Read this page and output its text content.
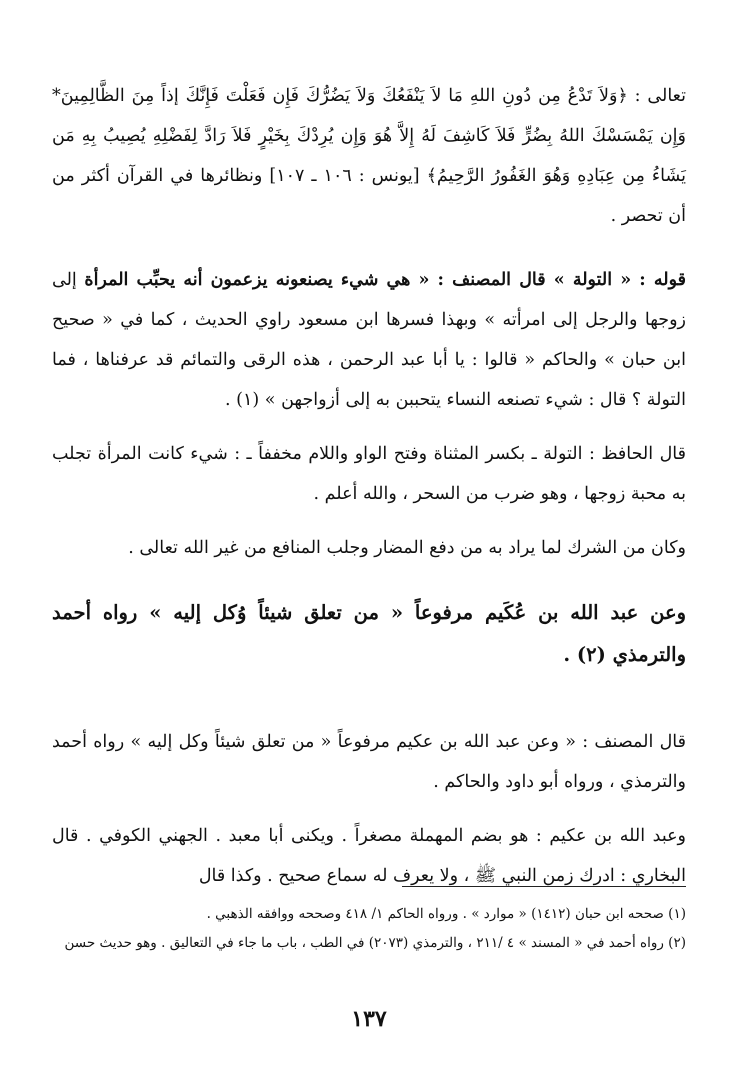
تعالى : ﴿وَلاَ تَدْعُ مِن دُونِ اللهِ مَا لاَ يَنْفَعُكَ وَلاَ يَضُرُّكَ فَإِن فَعَلْتَ فَإِنَّكَ إذاً مِنَ الظَّالِمِينَ* وَإِن يَمْسَسْكَ اللهُ بِضُرٍّ فَلاَ كَاشِفَ لَهُ إِلاَّ هُوَ وَإِن يُرِدْكَ بِخَيْرٍ فَلاَ رَادَّ لِفَضْلِهِ يُصِيبُ بِهِ مَن يَشَاءُ مِن عِبَادِهِ وَهُوَ الغَفُورُ الرَّحِيمُ﴾ [يونس : ١٠٦ ـ ١٠٧] ونظائرها في القرآن أكثر من أن تحصر .

قوله : « التولة » قال المصنف : « هي شيء يصنعونه يزعمون أنه يحبِّب المرأة إلى زوجها والرجل إلى امرأته » وبهذا فسرها ابن مسعود راوي الحديث ، كما في « صحيح ابن حبان » والحاكم « قالوا : يا أبا عبد الرحمن ، هذه الرقى والتمائم قد عرفناها ، فما التولة ؟ قال : شيء تصنعه النساء يتحببن به إلى أزواجهن » (١) .

قال الحافظ : التولة ـ بكسر المثناة وفتح الواو واللام مخففاً ـ : شيء كانت المرأة تجلب به محبة زوجها ، وهو ضرب من السحر ، والله أعلم .

وكان من الشرك لما يراد به من دفع المضار وجلب المنافع من غير الله تعالى .

وعن عبد الله بن عُكَيم مرفوعاً « من تعلق شيئاً وُكل إليه » رواه أحمد والترمذي (٢) .

قال المصنف : « وعن عبد الله بن عكيم مرفوعاً « من تعلق شيئاً وكل إليه » رواه أحمد والترمذي ، ورواه أبو داود والحاكم .

وعبد الله بن عكيم : هو بضم المهملة مصغراً . ويكنى أبا معبد . الجهني الكوفي . قال البخاري : ادرك زمن النبي ﷺ ، ولا يعرف له سماع صحيح . وكذا قال

(١) صححه ابن حبان (١٤١٢) « موارد » . ورواه الحاكم ١/ ٤١٨ وصححه ووافقه الذهبي .

(٢) رواه أحمد في « المسند » ٤ /٢١١ ، والترمذي (٢٠٧٣) في الطب ، باب ما جاء في التعاليق . وهو حديث حسن

١٣٧
